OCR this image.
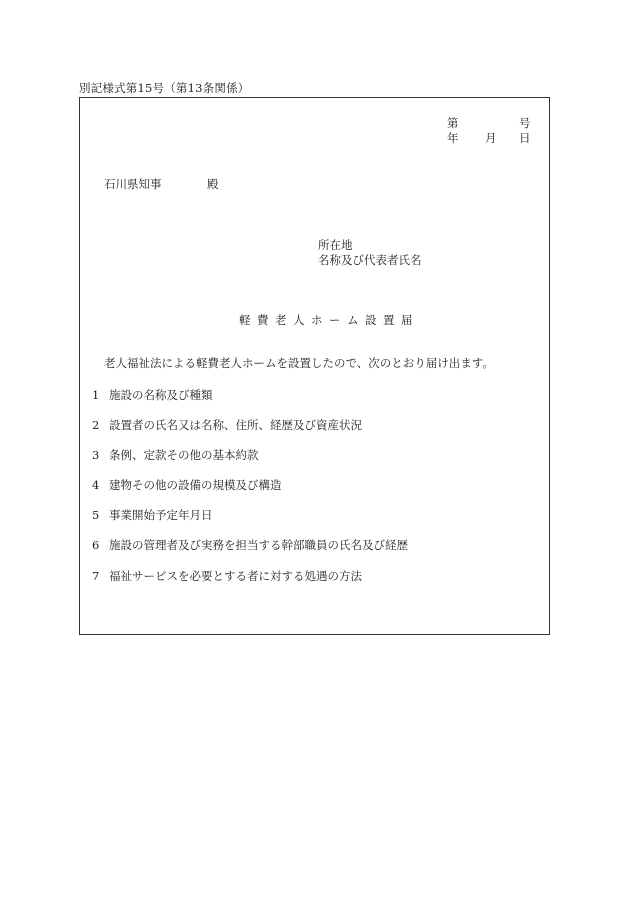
別記様式第15号（第13条関係）
第	号
年 月 日
石川県知事	殿
所在地
名称及び代表者氏名
軽費老人ホーム設置届
老人福祉法による軽費老人ホームを設置したので、次のとおり届け出ます。
1 施設の名称及び種類
2 設置者の氏名又は名称、住所、経歴及び資産状況
3 条例、定款その他の基本約款
4 建物その他の設備の規模及び構造
5 事業開始予定年月日
6 施設の管理者及び実務を担当する幹部職員の氏名及び経歴
7 福祉サービスを必要とする者に対する処遇の方法
